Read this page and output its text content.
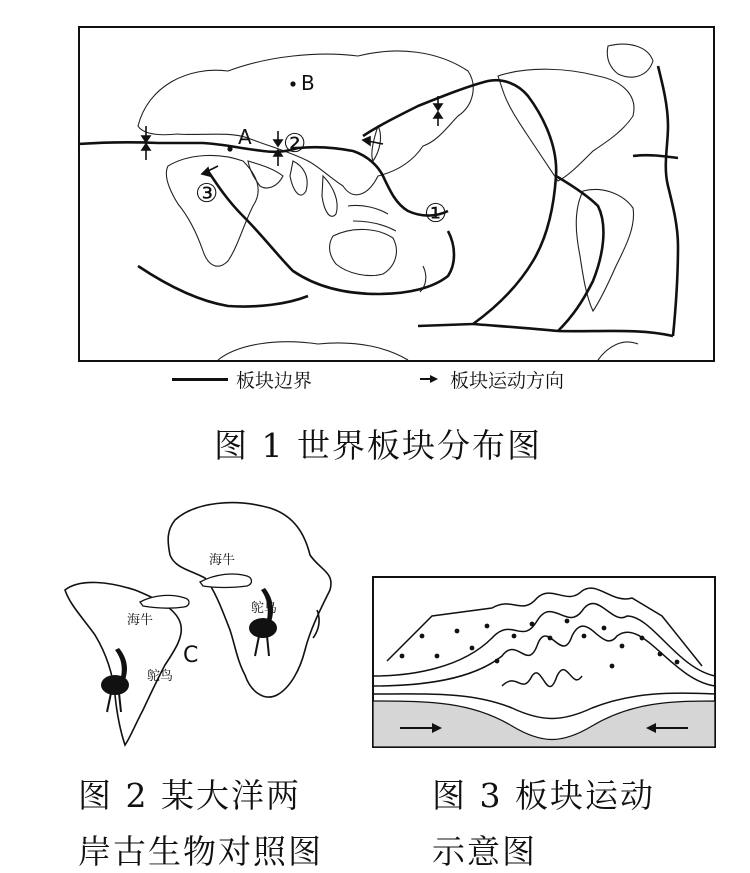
B
A
①
②
③
板块边界	板块运动方向
图 1 世界板块分布图
海牛
海牛
鸵鸟
鸵鸟
C
图 2 某大洋两
岸古生物对照图
图 3 板块运动
示意图
